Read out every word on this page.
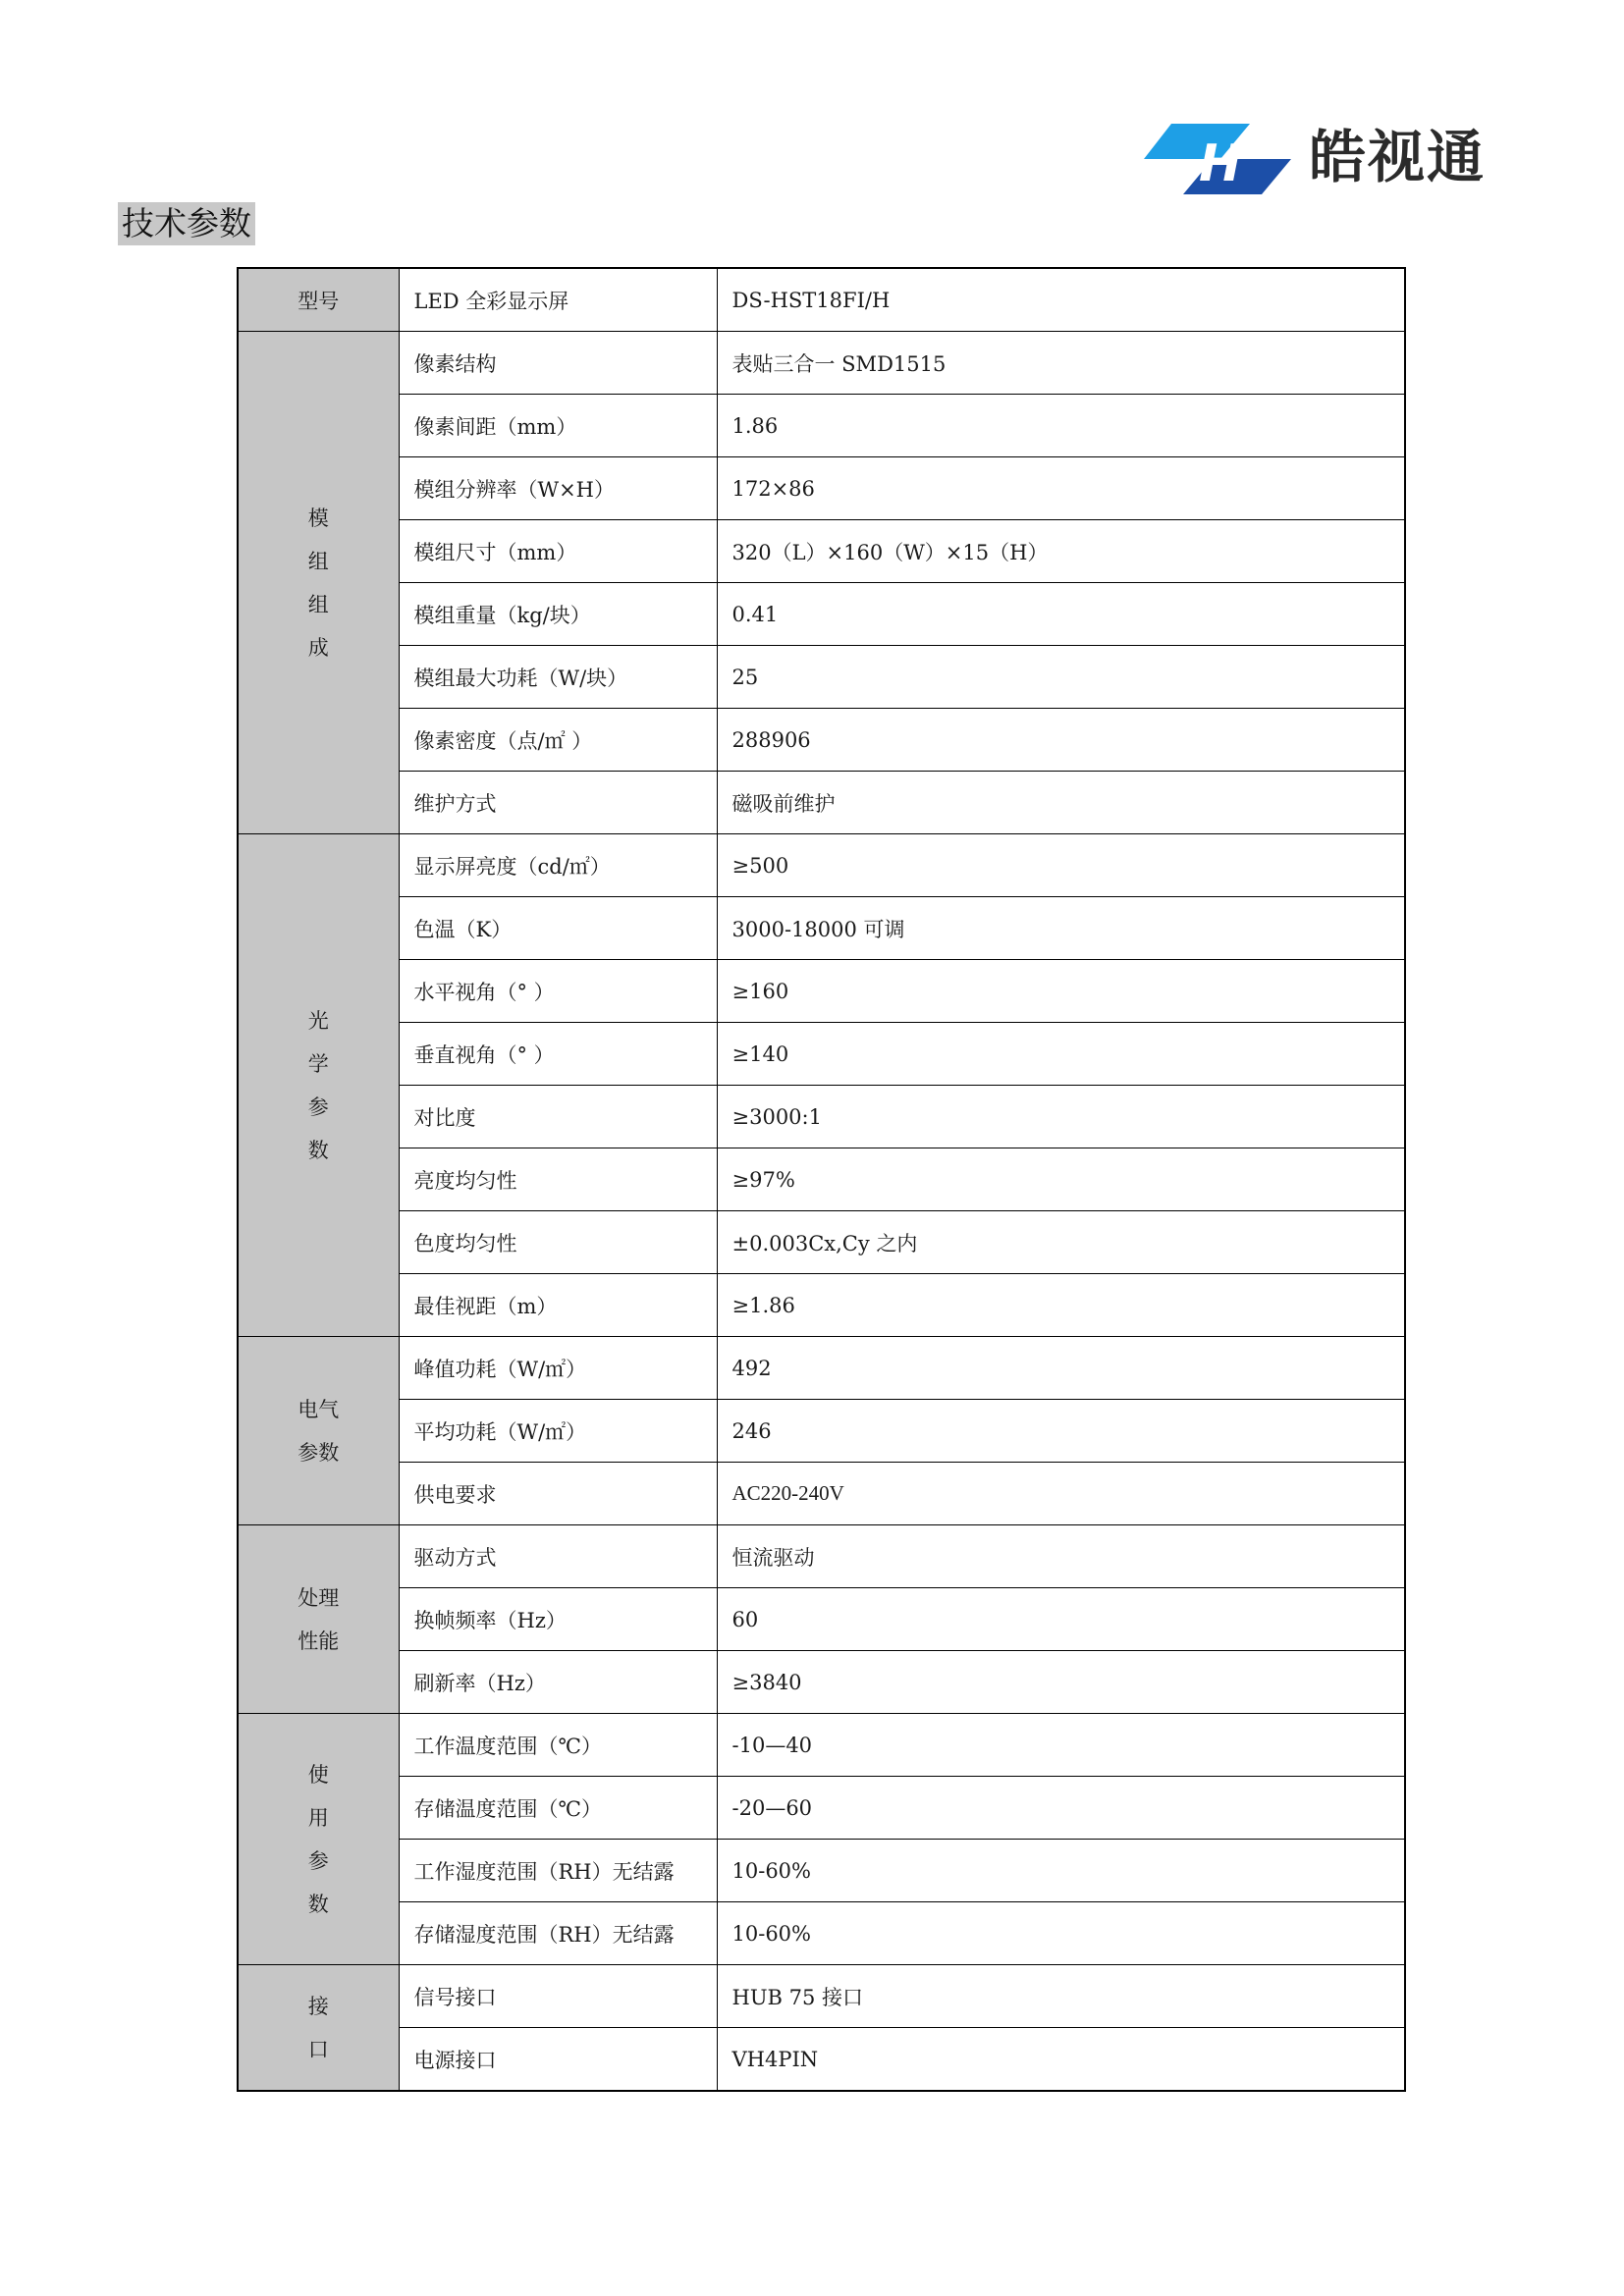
H 皓视通
技术参数
型号	LED 全彩显示屏	DS-HST18FI/H

模
组
组
成	像素结构	表贴三合一 SMD1515
	像素间距（mm）	1.86
	模组分辨率（W×H）	172×86
	模组尺寸（mm）	320（L）×160（W）×15（H）
	模组重量（kg/块）	0.41
	模组最大功耗（W/块）	25
	像素密度（点/㎡ ）	288906
	维护方式	磁吸前维护

光
学
参
数	显示屏亮度（cd/㎡）	≥500
	色温（K）	3000-18000 可调
	水平视角（° ）	≥160
	垂直视角（° ）	≥140
	对比度	≥3000:1
	亮度均匀性	≥97%
	色度均匀性	±0.003Cx,Cy 之内
	最佳视距（m）	≥1.86

电气
参数	峰值功耗（W/㎡）	492
	平均功耗（W/㎡）	246
	供电要求	AC220-240V

处理
性能	驱动方式	恒流驱动
	换帧频率（Hz）	60
	刷新率（Hz）	≥3840

使
用
参
数	工作温度范围（℃）	-10—40
	存储温度范围（℃）	-20—60
	工作湿度范围（RH）无结露	10-60%
	存储湿度范围（RH）无结露	10-60%

接
口	信号接口	HUB 75 接口
	电源接口	VH4PIN
